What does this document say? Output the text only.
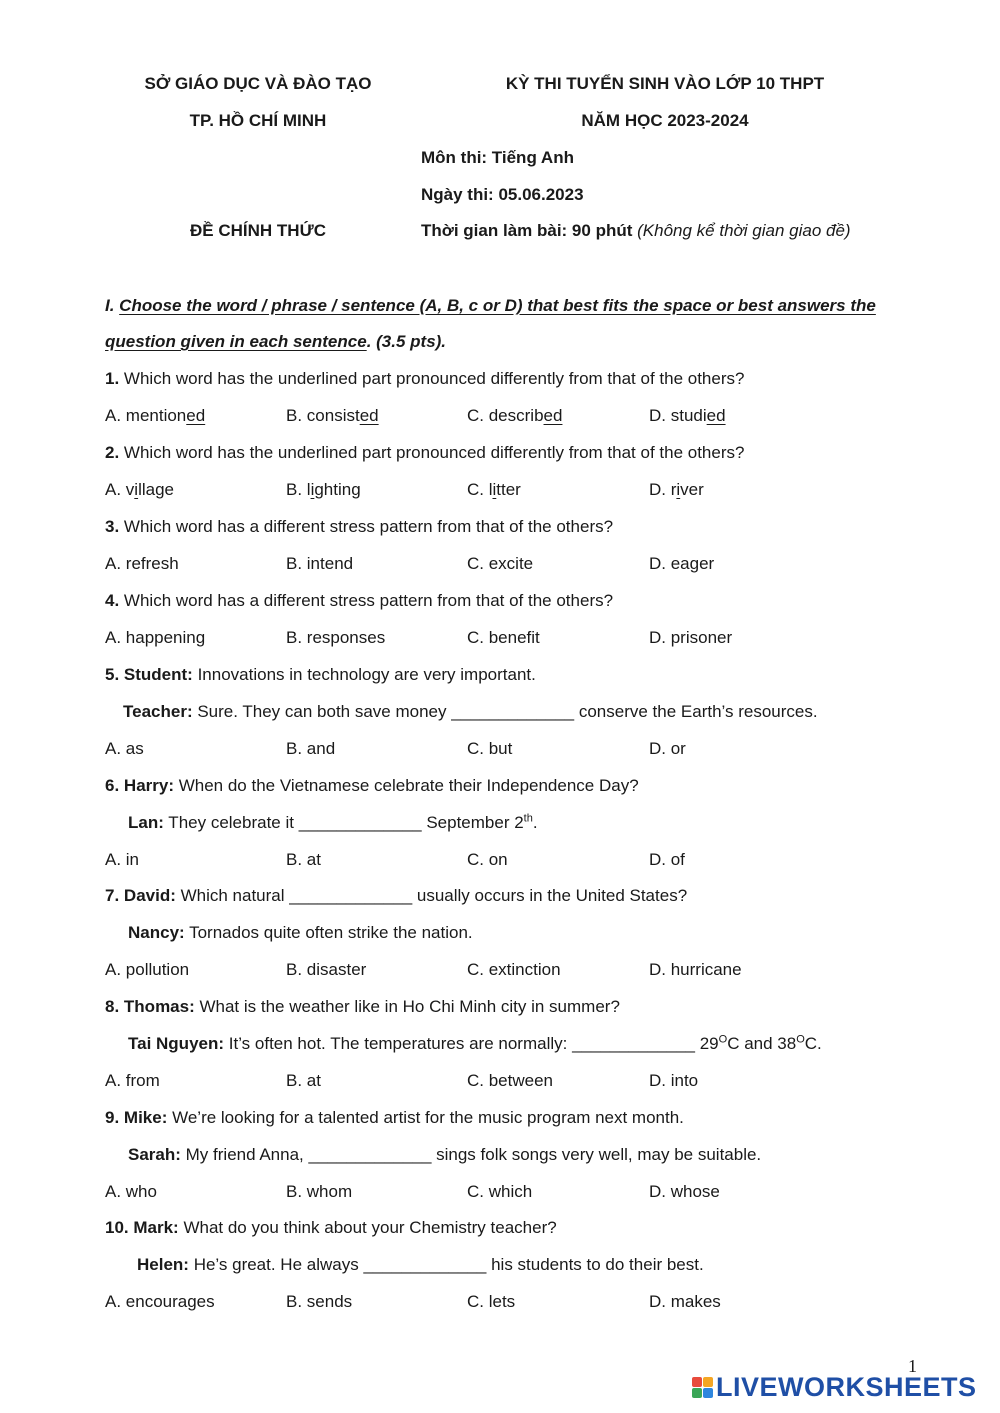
SỞ GIÁO DỤC VÀ ĐÀO TẠO
TP. HỒ CHÍ MINH
ĐỀ CHÍNH THỨC
KỲ THI TUYỂN SINH VÀO LỚP 10 THPT
NĂM HỌC 2023-2024
Môn thi: Tiếng Anh
Ngày thi: 05.06.2023
Thời gian làm bài: 90 phút (Không kể thời gian giao đề)
I. Choose the word / phrase / sentence (A, B, c or D) that best fits the space or best answers the
question given in each sentence. (3.5 pts).
1. Which word has the underlined part pronounced differently from that of the others?
A. mentioned	B. consisted	C. described	D. studied
2. Which word has the underlined part pronounced differently from that of the others?
A. village	B. lighting	C. litter	D. river
3. Which word has a different stress pattern from that of the others?
A. refresh	B. intend	C. excite	D. eager
4. Which word has a different stress pattern from that of the others?
A. happening	B. responses	C. benefit	D. prisoner
5. Student: Innovations in technology are very important.
Teacher: Sure. They can both save money _____________ conserve the Earth’s resources.
A. as	B. and	C. but	D. or
6. Harry: When do the Vietnamese celebrate their Independence Day?
Lan: They celebrate it _____________ September 2th.
A. in	B. at	C. on	D. of
7. David: Which natural _____________ usually occurs in the United States?
Nancy: Tornados quite often strike the nation.
A. pollution	B. disaster	C. extinction	D. hurricane
8. Thomas: What is the weather like in Ho Chi Minh city in summer?
Tai Nguyen: It’s often hot. The temperatures are normally: _____________ $29^OC$ and $38^OC$.
A. from	B. at	C. between	D. into
9. Mike: We’re looking for a talented artist for the music program next month.
Sarah: My friend Anna, _____________ sings folk songs very well, may be suitable.
A. who	B. whom	C. which	D. whose
10. Mark: What do you think about your Chemistry teacher?
Helen: He’s great. He always _____________ his students to do their best.
A. encourages	B. sends	C. lets	D. makes
1
LIVEWORKSHEETS
